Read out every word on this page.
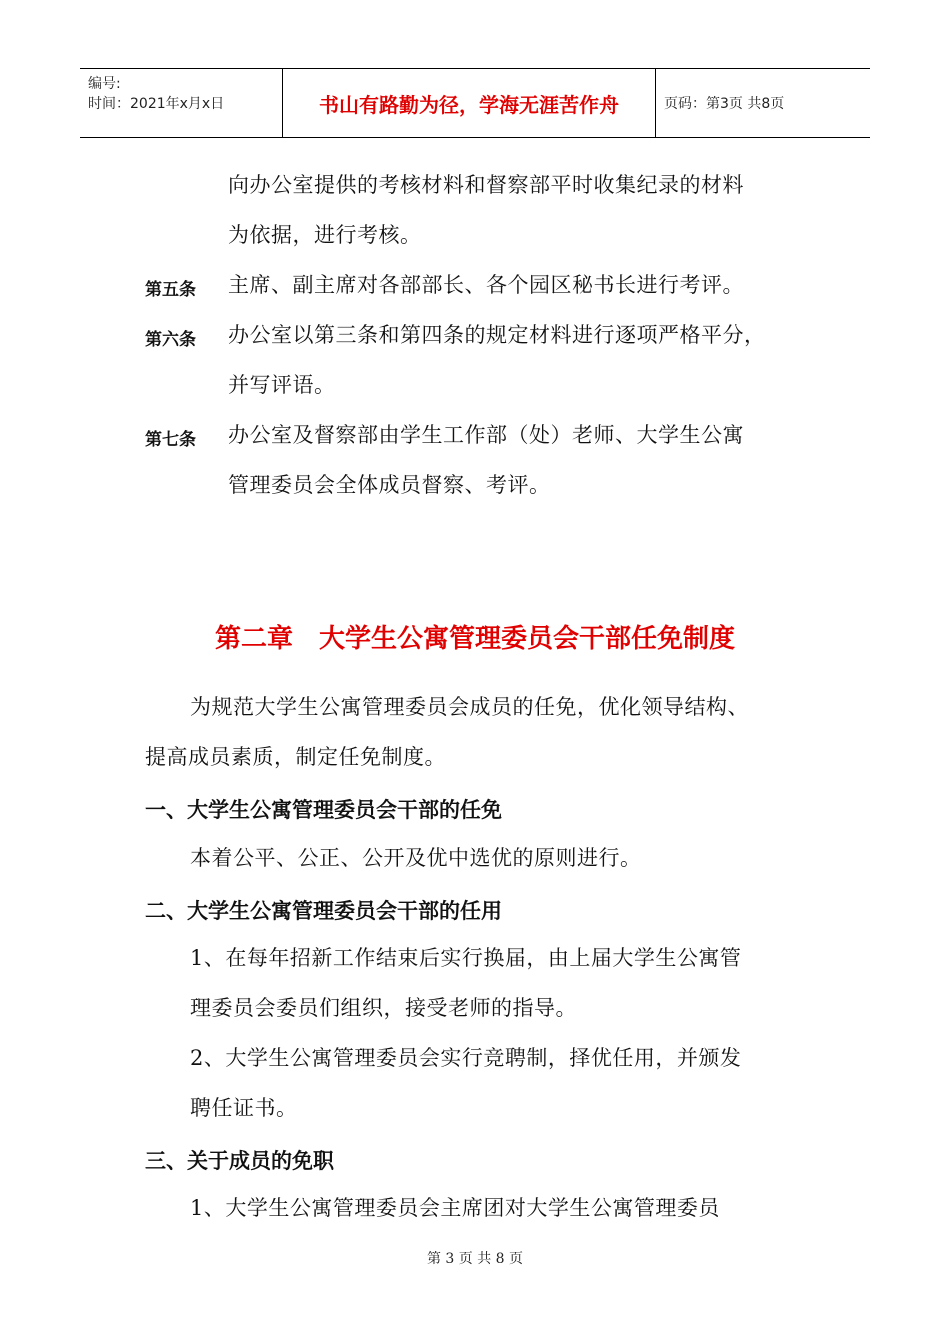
编号:
时间：2021年x月x日	书山有路勤为径，学海无涯苦作舟	页码：第3页 共8页
向办公室提供的考核材料和督察部平时收集纪录的材料
为依据，进行考核。
第五条 主席、副主席对各部部长、各个园区秘书长进行考评。
第六条 办公室以第三条和第四条的规定材料进行逐项严格平分，
并写评语。
第七条 办公室及督察部由学生工作部（处）老师、大学生公寓
管理委员会全体成员督察、考评。
第二章　大学生公寓管理委员会干部任免制度
为规范大学生公寓管理委员会成员的任免，优化领导结构、
提高成员素质，制定任免制度。
一、大学生公寓管理委员会干部的任免
本着公平、公正、公开及优中选优的原则进行。
二、大学生公寓管理委员会干部的任用
1、在每年招新工作结束后实行换届，由上届大学生公寓管
理委员会委员们组织，接受老师的指导。
2、大学生公寓管理委员会实行竞聘制，择优任用，并颁发
聘任证书。
三、关于成员的免职
1、大学生公寓管理委员会主席团对大学生公寓管理委员
第 3 页 共 8 页
